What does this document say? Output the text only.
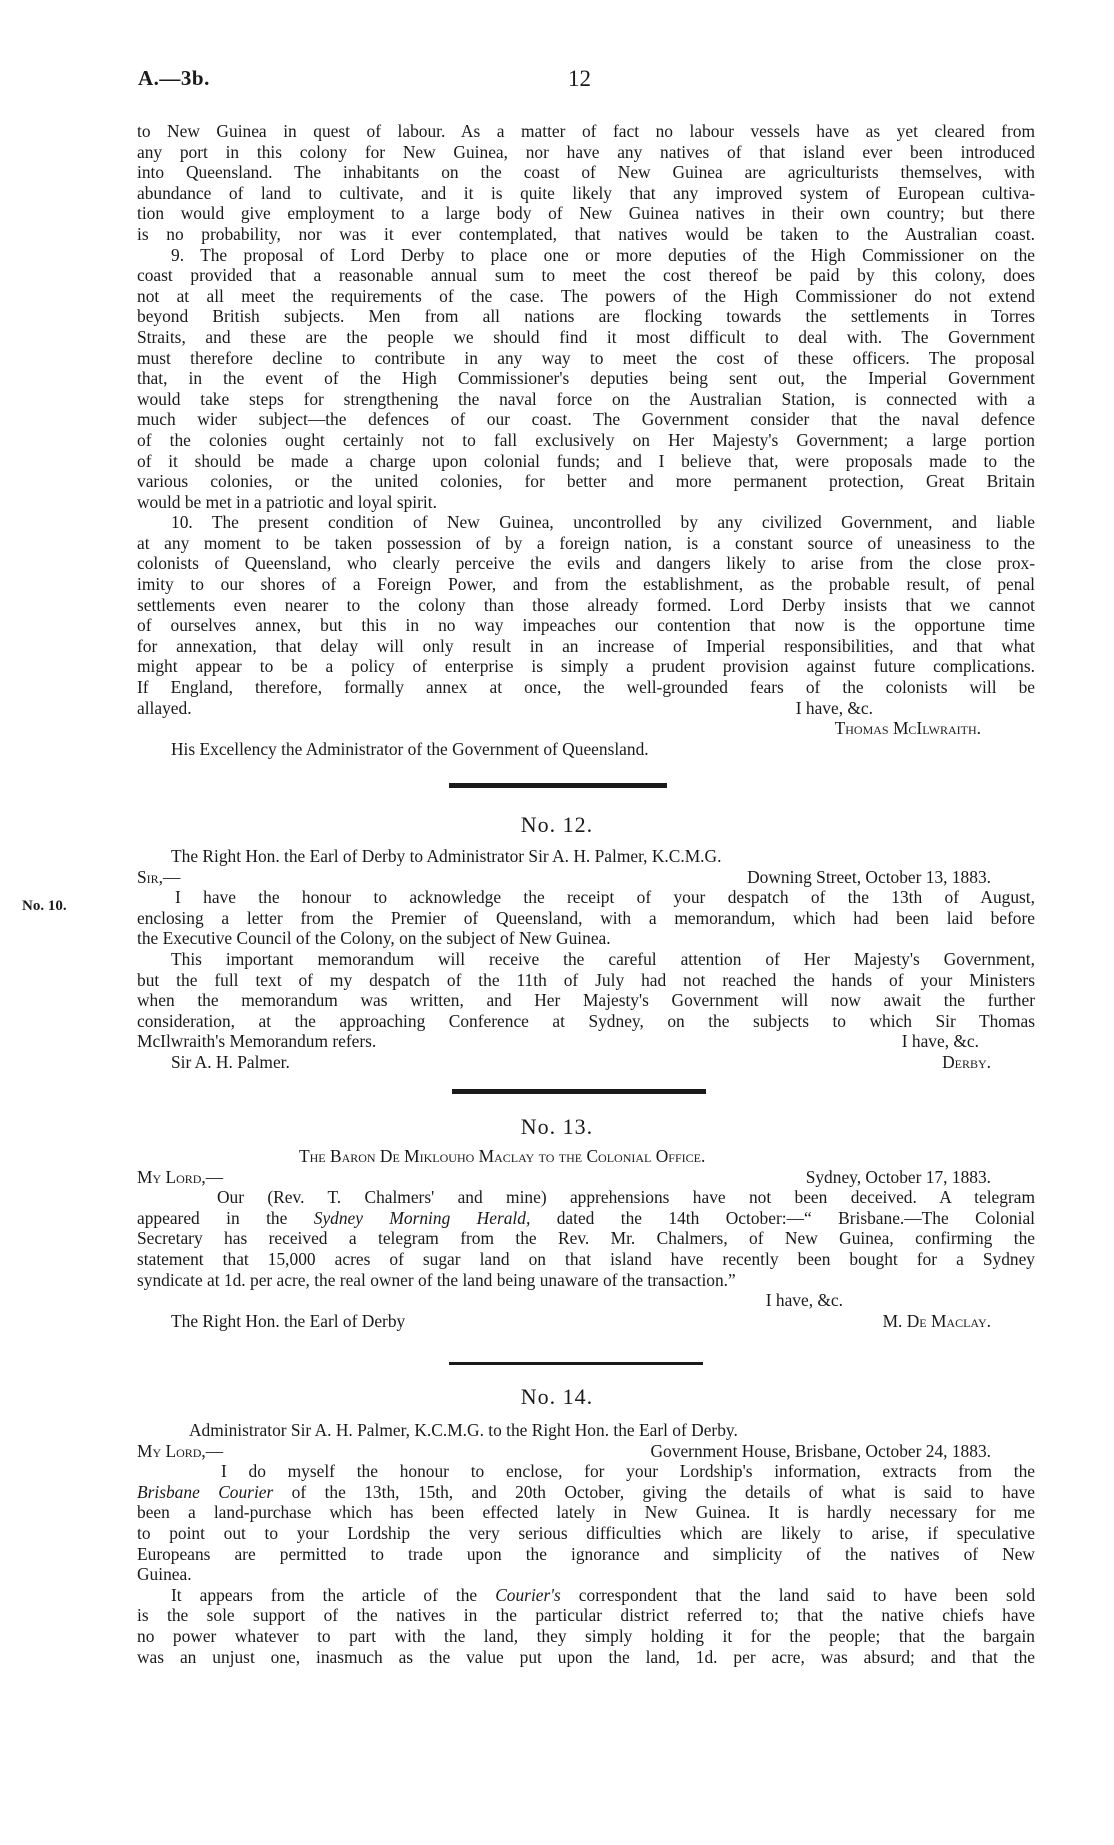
A.—3b.	12
to New Guinea in quest of labour. As a matter of fact no labour vessels have as yet cleared from
any port in this colony for New Guinea, nor have any natives of that island ever been introduced
into Queensland. The inhabitants on the coast of New Guinea are agriculturists themselves, with
abundance of land to cultivate, and it is quite likely that any improved system of European cultiva-
tion would give employment to a large body of New Guinea natives in their own country; but there
is no probability, nor was it ever contemplated, that natives would be taken to the Australian coast.
9. The proposal of Lord Derby to place one or more deputies of the High Commissioner on the
coast provided that a reasonable annual sum to meet the cost thereof be paid by this colony, does
not at all meet the requirements of the case. The powers of the High Commissioner do not extend
beyond British subjects. Men from all nations are flocking towards the settlements in Torres
Straits, and these are the people we should find it most difficult to deal with. The Government
must therefore decline to contribute in any way to meet the cost of these officers. The proposal
that, in the event of the High Commissioner's deputies being sent out, the Imperial Government
would take steps for strengthening the naval force on the Australian Station, is connected with a
much wider subject—the defences of our coast. The Government consider that the naval defence
of the colonies ought certainly not to fall exclusively on Her Majesty's Government; a large portion
of it should be made a charge upon colonial funds; and I believe that, were proposals made to the
various colonies, or the united colonies, for better and more permanent protection, Great Britain
would be met in a patriotic and loyal spirit.
10. The present condition of New Guinea, uncontrolled by any civilized Government, and liable
at any moment to be taken possession of by a foreign nation, is a constant source of uneasiness to the
colonists of Queensland, who clearly perceive the evils and dangers likely to arise from the close prox-
imity to our shores of a Foreign Power, and from the establishment, as the probable result, of penal
settlements even nearer to the colony than those already formed. Lord Derby insists that we cannot
of ourselves annex, but this in no way impeaches our contention that now is the opportune time
for annexation, that delay will only result in an increase of Imperial responsibilities, and that what
might appear to be a policy of enterprise is simply a prudent provision against future complications.
If England, therefore, formally annex at once, the well-grounded fears of the colonists will be
allayed.	I have, &c.
Thomas McIlwraith.
His Excellency the Administrator of the Government of Queensland.
No. 12.
The Right Hon. the Earl of Derby to Administrator Sir A. H. Palmer, K.C.M.G.
Sir,—	Downing Street, October 13, 1883.
I have the honour to acknowledge the receipt of your despatch of the 13th of August,
enclosing a letter from the Premier of Queensland, with a memorandum, which had been laid before
the Executive Council of the Colony, on the subject of New Guinea.
This important memorandum will receive the careful attention of Her Majesty's Government,
but the full text of my despatch of the 11th of July had not reached the hands of your Ministers
when the memorandum was written, and Her Majesty's Government will now await the further
consideration, at the approaching Conference at Sydney, on the subjects to which Sir Thomas
McIlwraith's Memorandum refers.	I have, &c.
Sir A. H. Palmer.	Derby.
No. 10.
No. 13.
The Baron De Miklouho Maclay to the Colonial Office.
My Lord,—	Sydney, October 17, 1883.
Our (Rev. T. Chalmers' and mine) apprehensions have not been deceived. A telegram
appeared in the Sydney Morning Herald, dated the 14th October:—“ Brisbane.—The Colonial
Secretary has received a telegram from the Rev. Mr. Chalmers, of New Guinea, confirming the
statement that 15,000 acres of sugar land on that island have recently been bought for a Sydney
syndicate at 1d. per acre, the real owner of the land being unaware of the transaction.”
I have, &c.
The Right Hon. the Earl of Derby	M. De Maclay.
No. 14.
Administrator Sir A. H. Palmer, K.C.M.G. to the Right Hon. the Earl of Derby.
My Lord,—	Government House, Brisbane, October 24, 1883.
I do myself the honour to enclose, for your Lordship's information, extracts from the
Brisbane Courier of the 13th, 15th, and 20th October, giving the details of what is said to have
been a land-purchase which has been effected lately in New Guinea. It is hardly necessary for me
to point out to your Lordship the very serious difficulties which are likely to arise, if speculative
Europeans are permitted to trade upon the ignorance and simplicity of the natives of New
Guinea.
It appears from the article of the Courier's correspondent that the land said to have been sold
is the sole support of the natives in the particular district referred to; that the native chiefs have
no power whatever to part with the land, they simply holding it for the people; that the bargain
was an unjust one, inasmuch as the value put upon the land, 1d. per acre, was absurd; and that the
